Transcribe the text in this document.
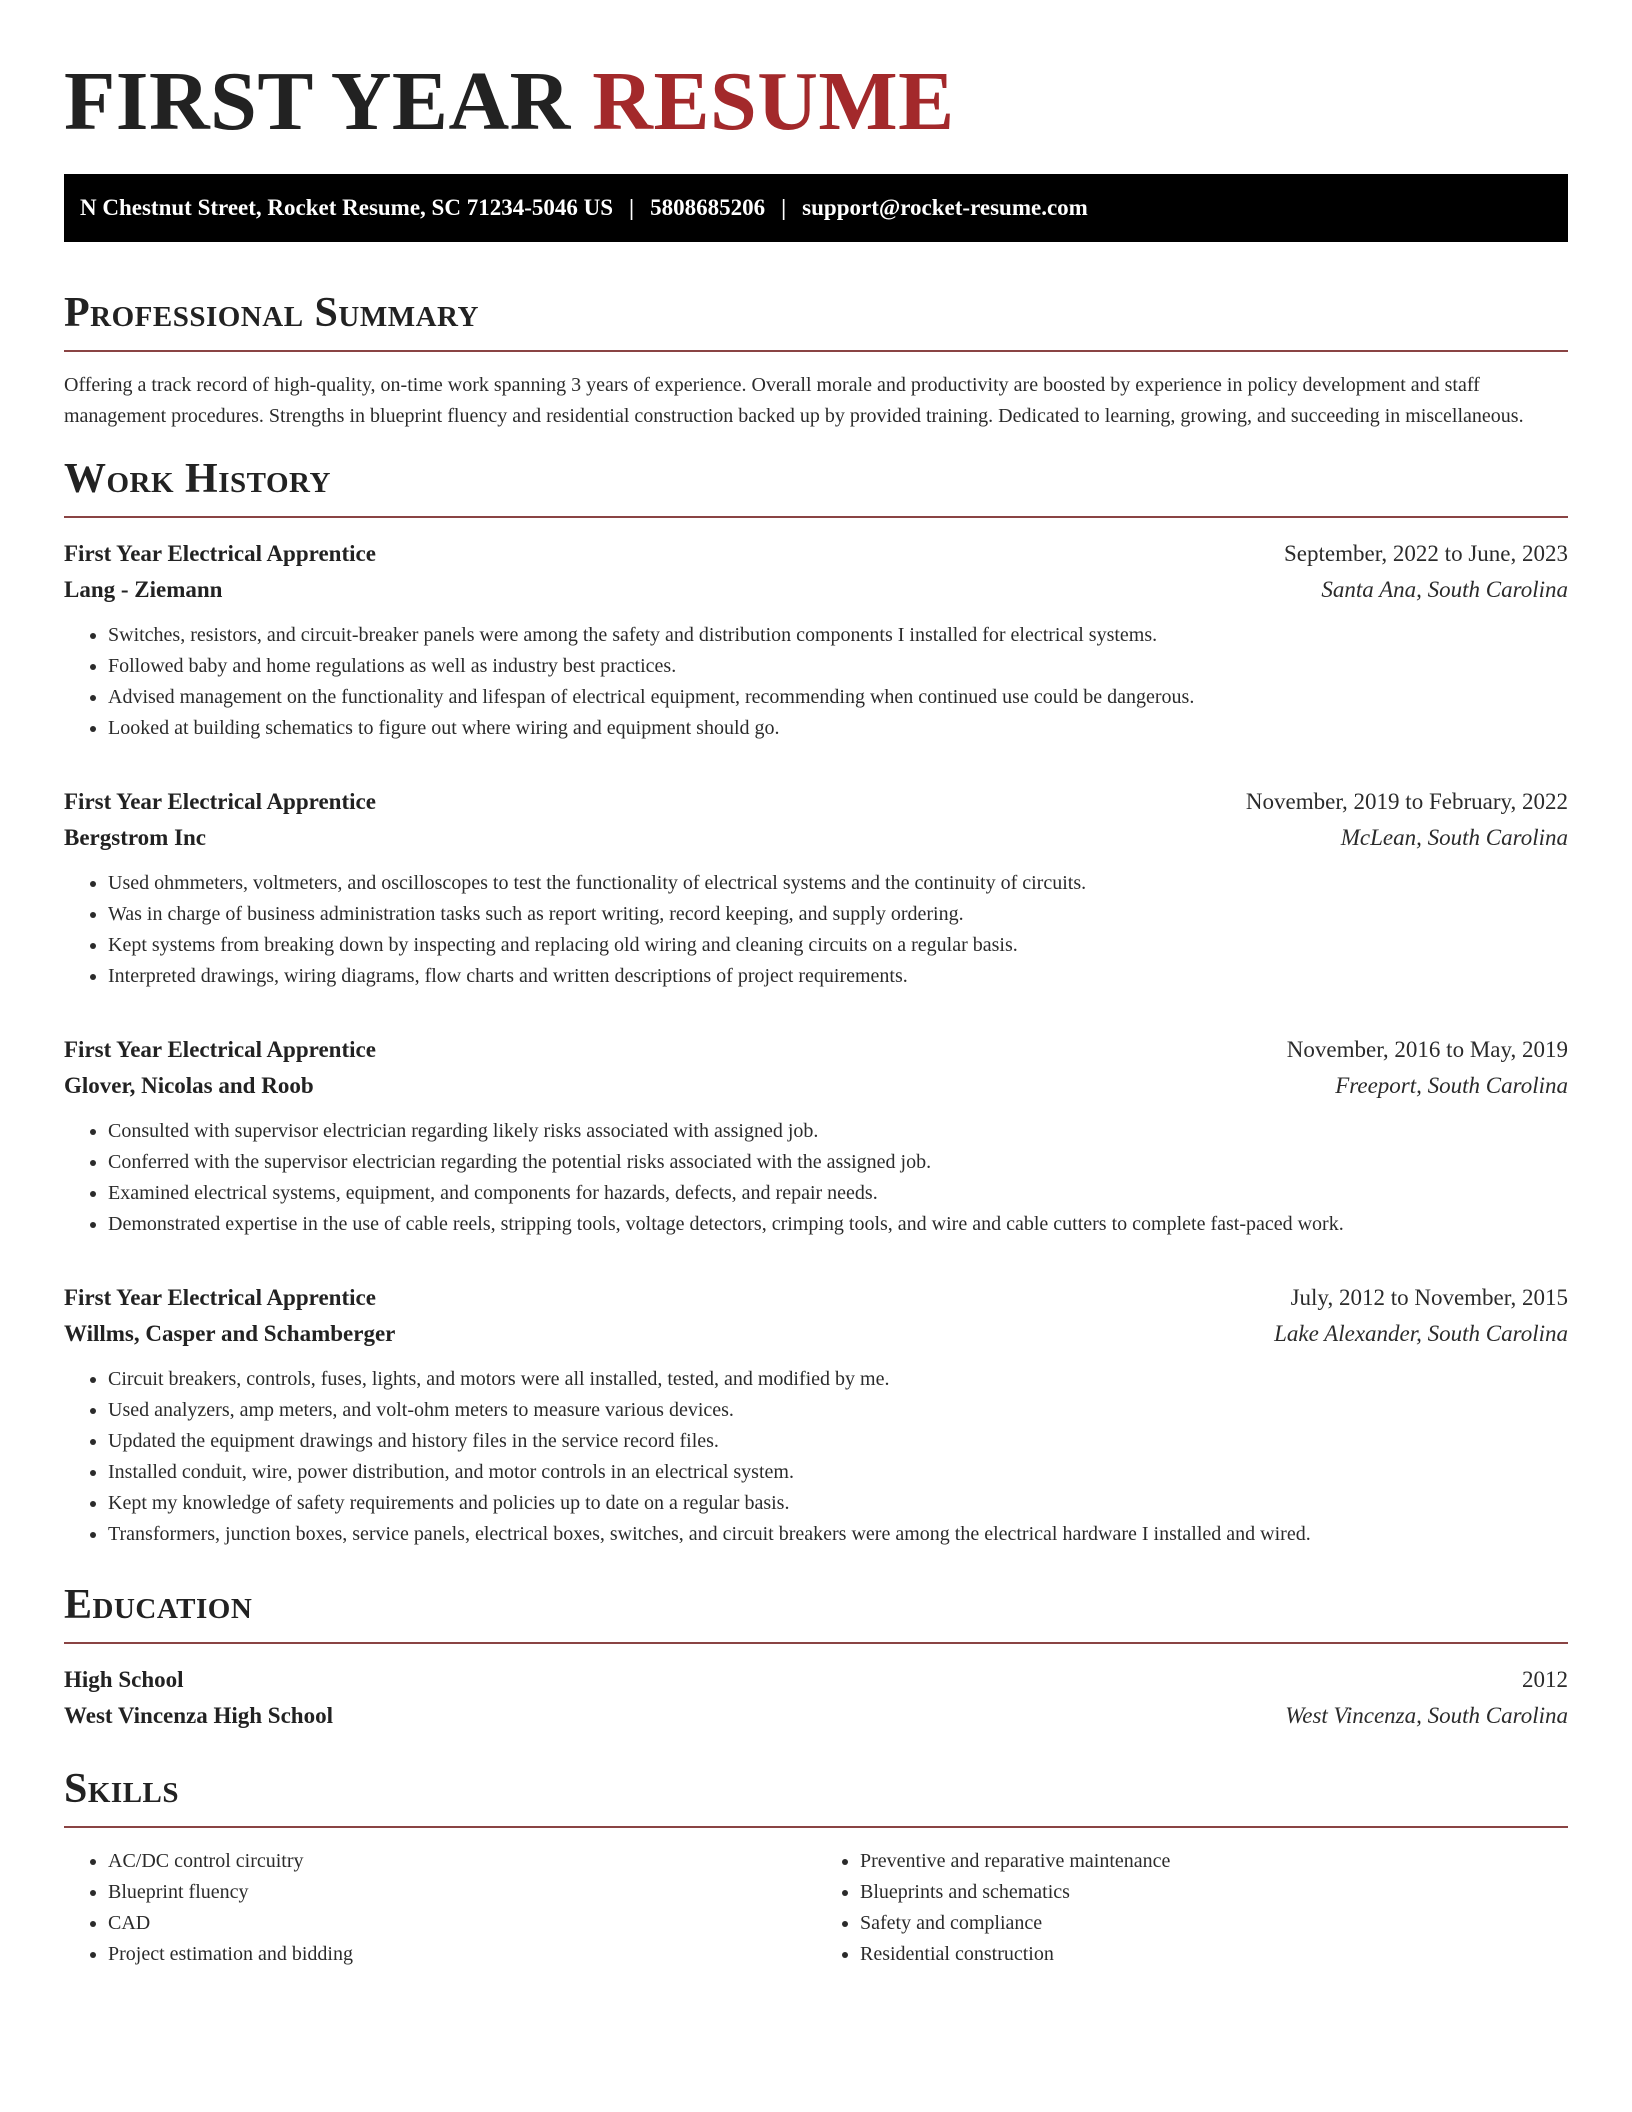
FIRST YEAR RESUME
N Chestnut Street, Rocket Resume, SC 71234-5046 US | 5808685206 | support@rocket-resume.com
Professional Summary

Offering a track record of high-quality, on-time work spanning 3 years of experience. Overall morale and productivity are boosted by experience in policy development and staff management procedures. Strengths in blueprint fluency and residential construction backed up by provided training. Dedicated to learning, growing, and succeeding in miscellaneous.

Work History
First Year Electrical Apprentice	September, 2022 to June, 2023
Lang - Ziemann	Santa Ana, South Carolina
• Switches, resistors, and circuit-breaker panels were among the safety and distribution components I installed for electrical systems.
• Followed baby and home regulations as well as industry best practices.
• Advised management on the functionality and lifespan of electrical equipment, recommending when continued use could be dangerous.
• Looked at building schematics to figure out where wiring and equipment should go.
First Year Electrical Apprentice	November, 2019 to February, 2022
Bergstrom Inc	McLean, South Carolina
• Used ohmmeters, voltmeters, and oscilloscopes to test the functionality of electrical systems and the continuity of circuits.
• Was in charge of business administration tasks such as report writing, record keeping, and supply ordering.
• Kept systems from breaking down by inspecting and replacing old wiring and cleaning circuits on a regular basis.
• Interpreted drawings, wiring diagrams, flow charts and written descriptions of project requirements.
First Year Electrical Apprentice	November, 2016 to May, 2019
Glover, Nicolas and Roob	Freeport, South Carolina
• Consulted with supervisor electrician regarding likely risks associated with assigned job.
• Conferred with the supervisor electrician regarding the potential risks associated with the assigned job.
• Examined electrical systems, equipment, and components for hazards, defects, and repair needs.
• Demonstrated expertise in the use of cable reels, stripping tools, voltage detectors, crimping tools, and wire and cable cutters to complete fast-paced work.
First Year Electrical Apprentice	July, 2012 to November, 2015
Willms, Casper and Schamberger	Lake Alexander, South Carolina
• Circuit breakers, controls, fuses, lights, and motors were all installed, tested, and modified by me.
• Used analyzers, amp meters, and volt-ohm meters to measure various devices.
• Updated the equipment drawings and history files in the service record files.
• Installed conduit, wire, power distribution, and motor controls in an electrical system.
• Kept my knowledge of safety requirements and policies up to date on a regular basis.
• Transformers, junction boxes, service panels, electrical boxes, switches, and circuit breakers were among the electrical hardware I installed and wired.
Education
High School	2012
West Vincenza High School	West Vincenza, South Carolina
Skills
• AC/DC control circuitry
• Blueprint fluency
• CAD
• Project estimation and bidding
• Preventive and reparative maintenance
• Blueprints and schematics
• Safety and compliance
• Residential construction
